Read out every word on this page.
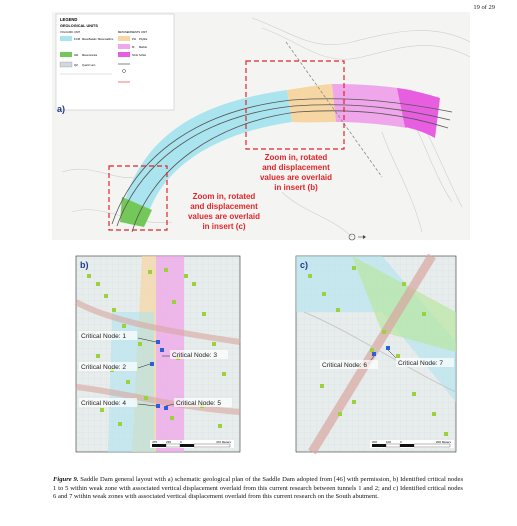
19 of 29
LEGEND
GEOLOGICAL UNITS
VOLCANIC UNIT	METASEDIMENTS UNIT
FCM Meta-Basalt / Meta-Gabbro	PH Phyllite
M Marble
SCH Schist
GR Meta-Granite
QZ Quartz vein
a)
Zoom in, rotated
and displacement
values are overlaid
in insert (b)
Zoom in, rotated
and displacement
values are overlaid
in insert (c)
Critical Node: 1
Critical Node: 2
Critical Node: 3
Critical Node: 4	Critical Node: 5
475	235	0	470 Meters
b)
Critical Node: 6	Critical Node: 7
200	100	0	200 Meters
c)

Figure 9. Saddle Dam general layout with a) schematic geological plan of the Saddle Dam adopted from [46] with permission, b) Identified critical nodes 1 to 5 within weak zone with associated vertical displacement overlaid from this current research between tunnels 1 and 2; and c) Identified critical nodes 6 and 7 within weak zones with associated vertical displacement overlaid from this current research on the South abutment.
